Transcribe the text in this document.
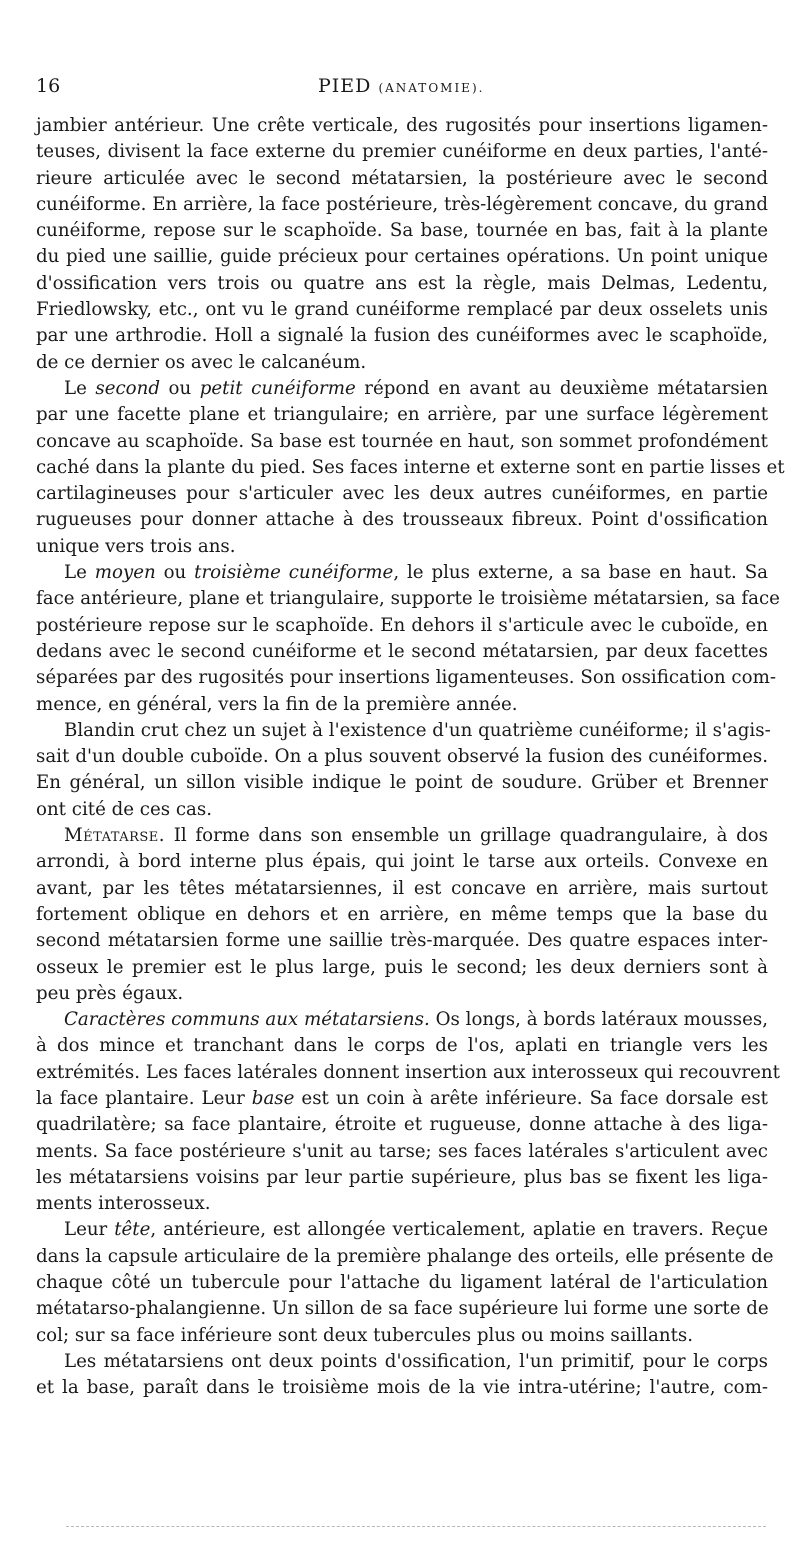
16	PIED (ANATOMIE).
jambier antérieur. Une crête verticale, des rugosités pour insertions ligamen-
teuses, divisent la face externe du premier cunéiforme en deux parties, l'anté-
rieure articulée avec le second métatarsien, la postérieure avec le second
cunéiforme. En arrière, la face postérieure, très-légèrement concave, du grand
cunéiforme, repose sur le scaphoïde. Sa base, tournée en bas, fait à la plante
du pied une saillie, guide précieux pour certaines opérations. Un point unique
d'ossification vers trois ou quatre ans est la règle, mais Delmas, Ledentu,
Friedlowsky, etc., ont vu le grand cunéiforme remplacé par deux osselets unis
par une arthrodie. Holl a signalé la fusion des cunéiformes avec le scaphoïde,
de ce dernier os avec le calcanéum.
Le second ou petit cunéiforme répond en avant au deuxième métatarsien
par une facette plane et triangulaire; en arrière, par une surface légèrement
concave au scaphoïde. Sa base est tournée en haut, son sommet profondément
caché dans la plante du pied. Ses faces interne et externe sont en partie lisses et
cartilagineuses pour s'articuler avec les deux autres cunéiformes, en partie
rugueuses pour donner attache à des trousseaux fibreux. Point d'ossification
unique vers trois ans.
Le moyen ou troisième cunéiforme, le plus externe, a sa base en haut. Sa
face antérieure, plane et triangulaire, supporte le troisième métatarsien, sa face
postérieure repose sur le scaphoïde. En dehors il s'articule avec le cuboïde, en
dedans avec le second cunéiforme et le second métatarsien, par deux facettes
séparées par des rugosités pour insertions ligamenteuses. Son ossification com-
mence, en général, vers la fin de la première année.
Blandin crut chez un sujet à l'existence d'un quatrième cunéiforme; il s'agis-
sait d'un double cuboïde. On a plus souvent observé la fusion des cunéiformes.
En général, un sillon visible indique le point de soudure. Grüber et Brenner
ont cité de ces cas.
Métatarse. Il forme dans son ensemble un grillage quadrangulaire, à dos
arrondi, à bord interne plus épais, qui joint le tarse aux orteils. Convexe en
avant, par les têtes métatarsiennes, il est concave en arrière, mais surtout
fortement oblique en dehors et en arrière, en même temps que la base du
second métatarsien forme une saillie très-marquée. Des quatre espaces inter-
osseux le premier est le plus large, puis le second; les deux derniers sont à
peu près égaux.
Caractères communs aux métatarsiens. Os longs, à bords latéraux mousses,
à dos mince et tranchant dans le corps de l'os, aplati en triangle vers les
extrémités. Les faces latérales donnent insertion aux interosseux qui recouvrent
la face plantaire. Leur base est un coin à arête inférieure. Sa face dorsale est
quadrilatère; sa face plantaire, étroite et rugueuse, donne attache à des liga-
ments. Sa face postérieure s'unit au tarse; ses faces latérales s'articulent avec
les métatarsiens voisins par leur partie supérieure, plus bas se fixent les liga-
ments interosseux.
Leur tête, antérieure, est allongée verticalement, aplatie en travers. Reçue
dans la capsule articulaire de la première phalange des orteils, elle présente de
chaque côté un tubercule pour l'attache du ligament latéral de l'articulation
métatarso-phalangienne. Un sillon de sa face supérieure lui forme une sorte de
col; sur sa face inférieure sont deux tubercules plus ou moins saillants.
Les métatarsiens ont deux points d'ossification, l'un primitif, pour le corps
et la base, paraît dans le troisième mois de la vie intra-utérine; l'autre, com-
